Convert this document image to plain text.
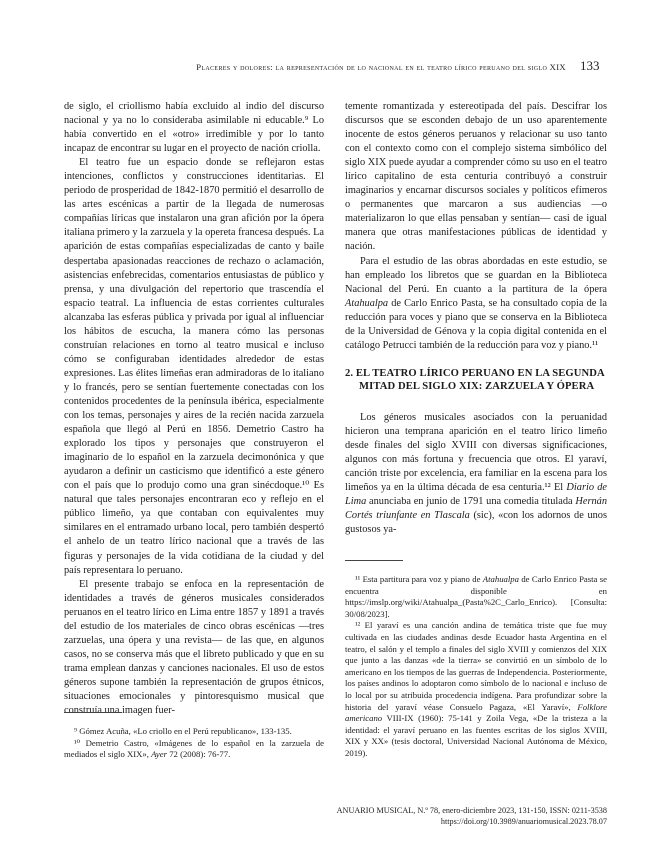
Placeres y dolores: la representación de lo nacional en el teatro lírico peruano del siglo XIX 133

de siglo, el criollismo había excluido al indio del discurso nacional y ya no lo consideraba asimilable ni educable.⁹ Lo había convertido en el «otro» irredimible y por lo tanto incapaz de encontrar su lugar en el proyecto de nación criolla.

El teatro fue un espacio donde se reflejaron estas intenciones, conflictos y construcciones identitarias. El periodo de prosperidad de 1842-1870 permitió el desarrollo de las artes escénicas a partir de la llegada de numerosas compañías líricas que instalaron una gran afición por la ópera italiana primero y la zarzuela y la opereta francesa después. La aparición de estas compañías especializadas de canto y baile despertaba apasionadas reacciones de rechazo o aclamación, asistencias enfebrecidas, comentarios entusiastas de público y prensa, y una divulgación del repertorio que trascendía el espacio teatral. La influencia de estas corrientes culturales alcanzaba las esferas pública y privada por igual al influenciar los hábitos de escucha, la manera cómo las personas construían relaciones en torno al teatro musical e incluso cómo se configuraban identidades alrededor de estas expresiones. Las élites limeñas eran admiradoras de lo italiano y lo francés, pero se sentían fuertemente conectadas con los contenidos procedentes de la península ibérica, especialmente con los temas, personajes y aires de la recién nacida zarzuela española que llegó al Perú en 1856. Demetrio Castro ha explorado los tipos y personajes que construyeron el imaginario de lo español en la zarzuela decimonónica y que ayudaron a definir un casticismo que identificó a este género con el país que lo produjo como una gran sinécdoque.¹⁰ Es natural que tales personajes encontraran eco y reflejo en el público limeño, ya que contaban con equivalentes muy similares en el entramado urbano local, pero también despertó el anhelo de un teatro lírico nacional que a través de las figuras y personajes de la vida cotidiana de la ciudad y del país representara lo peruano.

El presente trabajo se enfoca en la representación de identidades a través de géneros musicales considerados peruanos en el teatro lírico en Lima entre 1857 y 1891 a través del estudio de los materiales de cinco obras escénicas —tres zarzuelas, una ópera y una revista— de las que, en algunos casos, no se conserva más que el libreto publicado y que en su trama emplean danzas y canciones nacionales. El uso de estos géneros supone también la representación de grupos étnicos, situaciones emocionales y pintoresquismo musical que construía una imagen fuer-

⁹ Gómez Acuña, «Lo criollo en el Perú republicano», 133-135.

¹⁰ Demetrio Castro, «Imágenes de lo español en la zarzuela de mediados el siglo XIX», Ayer 72 (2008): 76-77.

temente romantizada y estereotipada del país. Descifrar los discursos que se esconden debajo de un uso aparentemente inocente de estos géneros peruanos y relacionar su uso tanto con el contexto como con el complejo sistema simbólico del siglo XIX puede ayudar a comprender cómo su uso en el teatro lírico capitalino de esta centuria contribuyó a construir imaginarios y encarnar discursos sociales y políticos efímeros o permanentes que marcaron a sus audiencias —o materializaron lo que ellas pensaban y sentían— casi de igual manera que otras manifestaciones públicas de identidad y nación.

Para el estudio de las obras abordadas en este estudio, se han empleado los libretos que se guardan en la Biblioteca Nacional del Perú. En cuanto a la partitura de la ópera Atahualpa de Carlo Enrico Pasta, se ha consultado copia de la reducción para voces y piano que se conserva en la Biblioteca de la Universidad de Génova y la copia digital contenida en el catálogo Petrucci también de la reducción para voz y piano.¹¹

2. EL TEATRO LÍRICO PERUANO EN LA SEGUNDA MITAD DEL SIGLO XIX: ZARZUELA Y ÓPERA

Los géneros musicales asociados con la peruanidad hicieron una temprana aparición en el teatro lírico limeño desde finales del siglo XVIII con diversas significaciones, algunos con más fortuna y frecuencia que otros. El yaraví, canción triste por excelencia, era familiar en la escena para los limeños ya en la última década de esa centuria.¹² El Diario de Lima anunciaba en junio de 1791 una comedia titulada Hernán Cortés triunfante en Tlascala (sic), «con los adornos de unos gustosos ya-

¹¹ Esta partitura para voz y piano de Atahualpa de Carlo Enrico Pasta se encuentra disponible en https://imslp.org/wiki/Atahualpa_(Pasta%2C_Carlo_Enrico). [Consulta: 30/08/2023].

¹² El yaraví es una canción andina de temática triste que fue muy cultivada en las ciudades andinas desde Ecuador hasta Argentina en el teatro, el salón y el templo a finales del siglo XVIII y comienzos del XIX que junto a las danzas «de la tierra» se convirtió en un símbolo de lo americano en los tiempos de las guerras de Independencia. Posteriormente, los países andinos lo adoptaron como símbolo de lo nacional e incluso de lo local por su atribuida procedencia indígena. Para profundizar sobre la historia del yaraví véase Consuelo Pagaza, «El Yaraví», Folklore americano VIII-IX (1960): 75-141 y Zoila Vega, «De la tristeza a la identidad: el yaraví peruano en las fuentes escritas de los siglos XVIII, XIX y XX» (tesis doctoral, Universidad Nacional Autónoma de México, 2019).

ANUARIO MUSICAL, N.º 78, enero-diciembre 2023, 131-150, ISSN: 0211-3538
https://doi.org/10.3989/anuariomusical.2023.78.07
